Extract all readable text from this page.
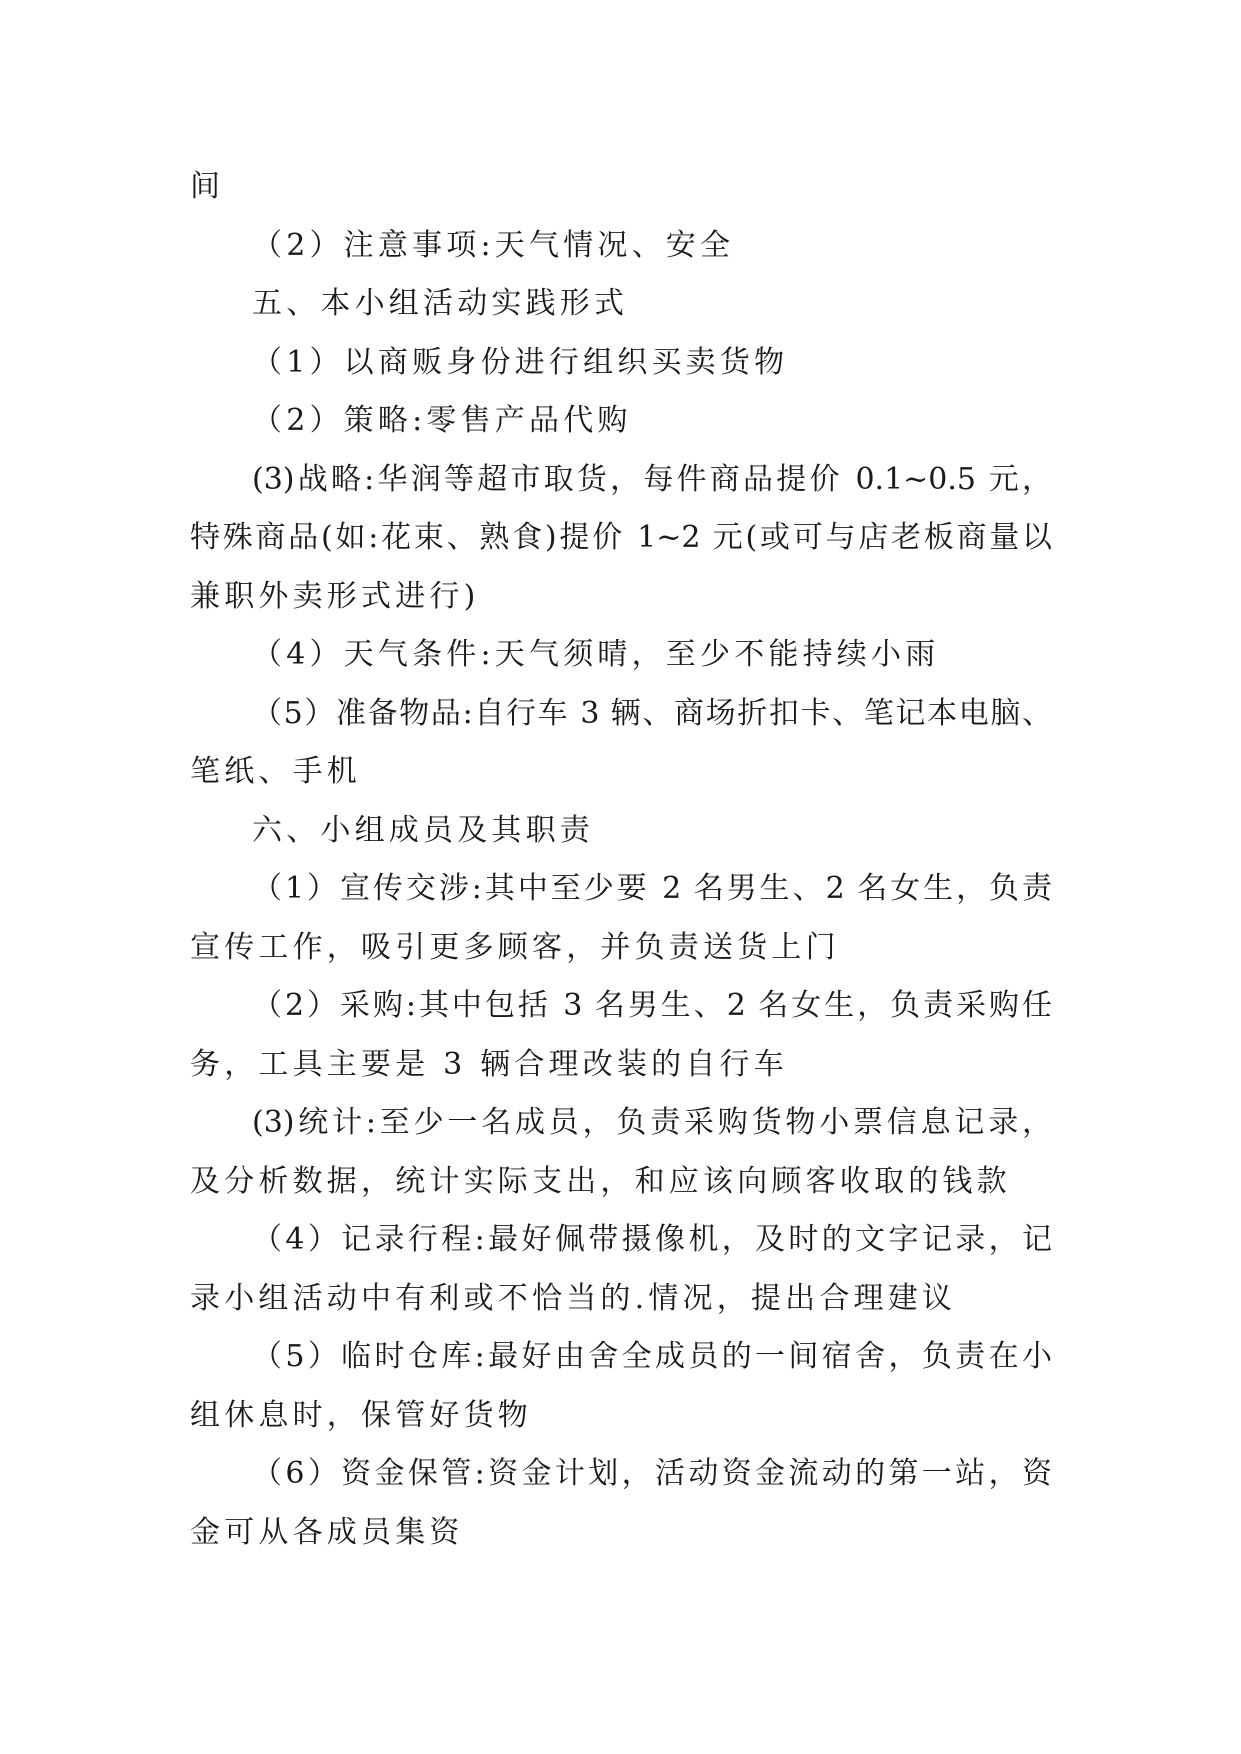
间
（2）注意事项:天气情况、安全
五、本小组活动实践形式
（1）以商贩身份进行组织买卖货物
（2）策略:零售产品代购
(3)战略:华润等超市取货，每件商品提价 0.1~0.5 元，
特殊商品(如:花束、熟食)提价 1~2 元(或可与店老板商量以
兼职外卖形式进行)
（4）天气条件:天气须晴，至少不能持续小雨
（5）准备物品:自行车 3 辆、商场折扣卡、笔记本电脑、
笔纸、手机
六、小组成员及其职责
（1）宣传交涉:其中至少要 2 名男生、2 名女生，负责
宣传工作，吸引更多顾客，并负责送货上门
（2）采购:其中包括 3 名男生、2 名女生，负责采购任
务，工具主要是 3 辆合理改装的自行车
(3)统计:至少一名成员，负责采购货物小票信息记录，
及分析数据，统计实际支出，和应该向顾客收取的钱款
（4）记录行程:最好佩带摄像机，及时的文字记录，记
录小组活动中有利或不恰当的.情况，提出合理建议
（5）临时仓库:最好由舍全成员的一间宿舍，负责在小
组休息时，保管好货物
（6）资金保管:资金计划，活动资金流动的第一站，资
金可从各成员集资
